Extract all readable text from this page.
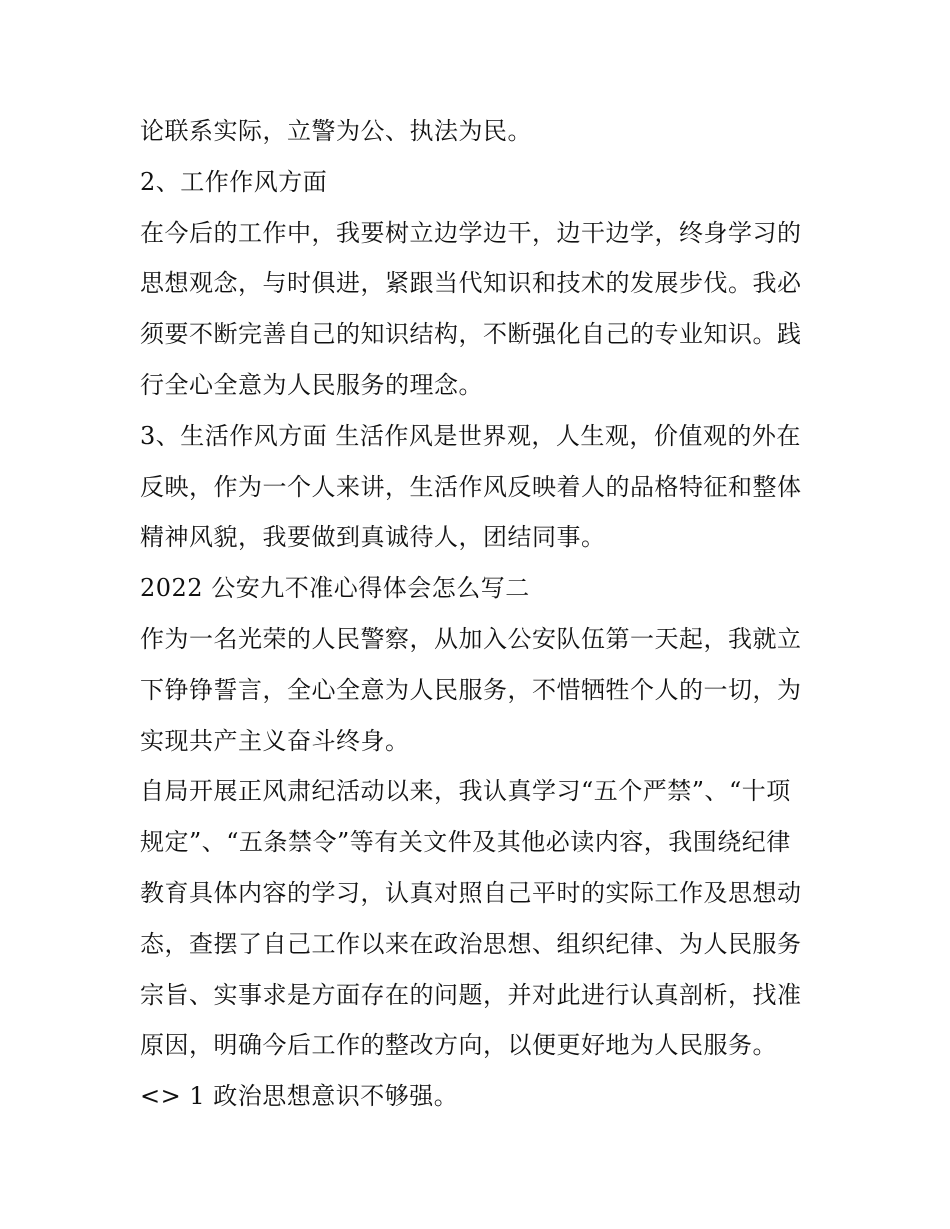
论联系实际，立警为公、执法为民。
2、工作作风方面
在今后的工作中，我要树立边学边干，边干边学，终身学习的
思想观念，与时俱进，紧跟当代知识和技术的发展步伐。我必
须要不断完善自己的知识结构，不断强化自己的专业知识。践
行全心全意为人民服务的理念。
3、生活作风方面 生活作风是世界观，人生观，价值观的外在
反映，作为一个人来讲，生活作风反映着人的品格特征和整体
精神风貌，我要做到真诚待人，团结同事。
2022 公安九不准心得体会怎么写二
作为一名光荣的人民警察，从加入公安队伍第一天起，我就立
下铮铮誓言，全心全意为人民服务，不惜牺牲个人的一切，为
实现共产主义奋斗终身。
自局开展正风肃纪活动以来，我认真学习“五个严禁”、“十项
规定”、“五条禁令”等有关文件及其他必读内容，我围绕纪律
教育具体内容的学习，认真对照自己平时的实际工作及思想动
态，查摆了自己工作以来在政治思想、组织纪律、为人民服务
宗旨、实事求是方面存在的问题，并对此进行认真剖析，找准
原因，明确今后工作的整改方向，以便更好地为人民服务。
<> 1 政治思想意识不够强。
